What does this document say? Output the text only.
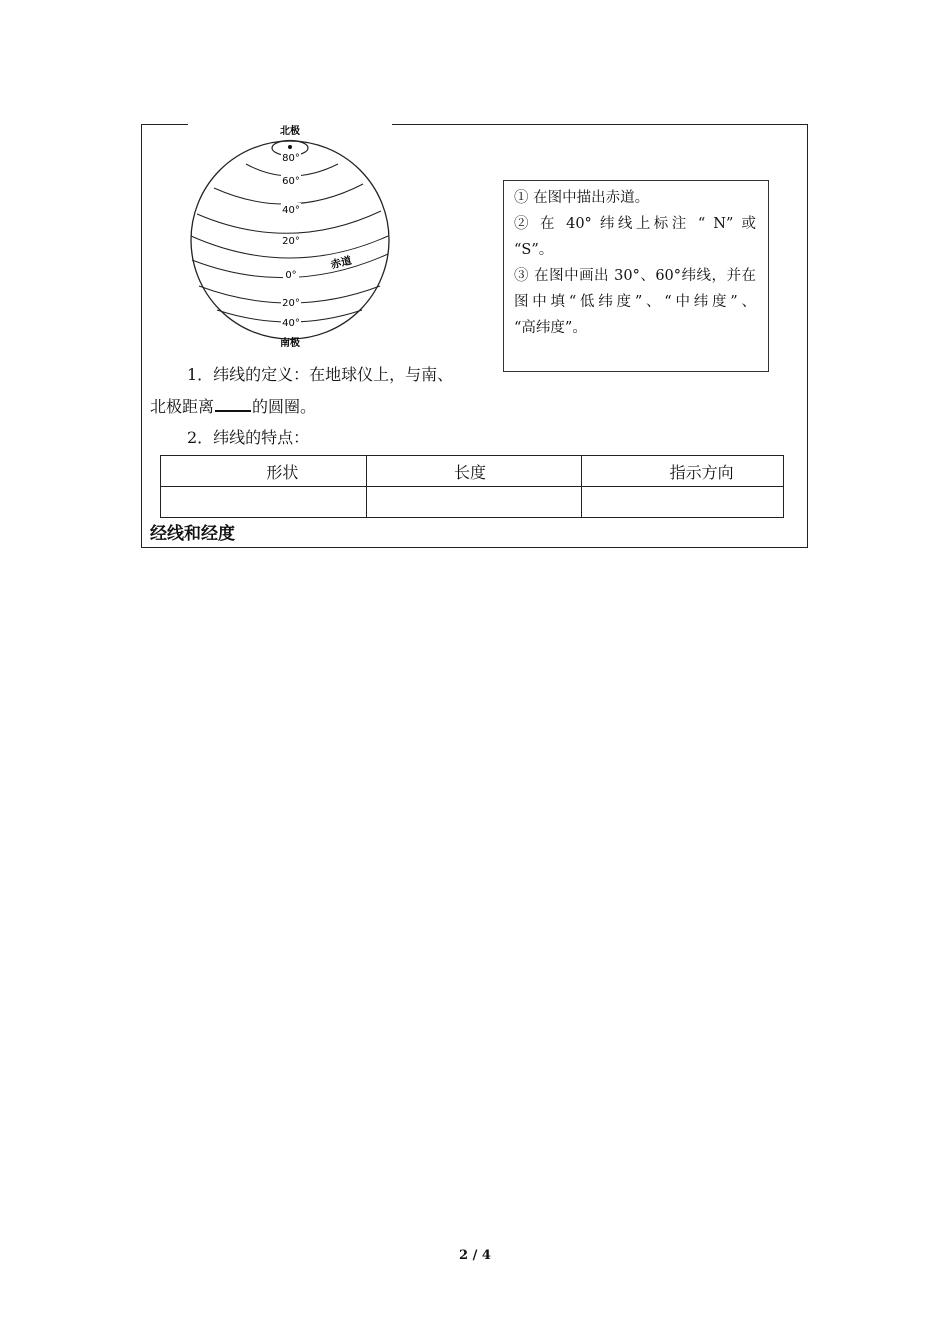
北极
80°
60°
40°
20°
0°
20°
40°
赤道
南极

① 在图中描出赤道。

② 在 40° 纬线上标注 “ N” 或

“S”。

③ 在图中画出 30°、60°纬线，并在

图中填“低纬度”、“中纬度”、

“高纬度”。

1．纬线的定义：在地球仪上，与南、
北极距离 的圆圈。
2．纬线的特点：
形状	长度	指示方向

经线和经度
2 / 4
